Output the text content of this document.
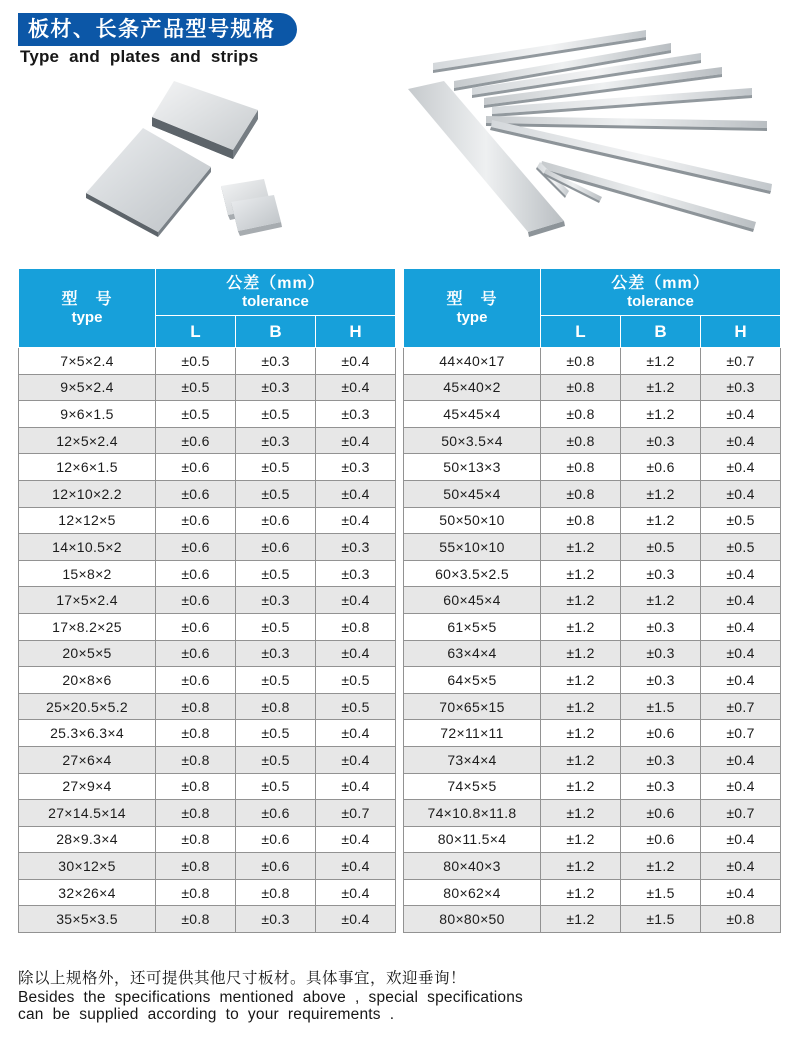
板材、长条产品型号规格
Type and plates and strips
型　号
type	公差（mm）
tolerance		

	L	B	H
7×5×2.4	±0.5	±0.3	±0.4
9×5×2.4	±0.5	±0.3	±0.4
9×6×1.5	±0.5	±0.5	±0.3
12×5×2.4	±0.6	±0.3	±0.4
12×6×1.5	±0.6	±0.5	±0.3
12×10×2.2	±0.6	±0.5	±0.4
12×12×5	±0.6	±0.6	±0.4
14×10.5×2	±0.6	±0.6	±0.3
15×8×2	±0.6	±0.5	±0.3
17×5×2.4	±0.6	±0.3	±0.4
17×8.2×25	±0.6	±0.5	±0.8
20×5×5	±0.6	±0.3	±0.4
20×8×6	±0.6	±0.5	±0.5
25×20.5×5.2	±0.8	±0.8	±0.5
25.3×6.3×4	±0.8	±0.5	±0.4
27×6×4	±0.8	±0.5	±0.4
27×9×4	±0.8	±0.5	±0.4
27×14.5×14	±0.8	±0.6	±0.7
28×9.3×4	±0.8	±0.6	±0.4
30×12×5	±0.8	±0.6	±0.4
32×26×4	±0.8	±0.8	±0.4
35×5×3.5	±0.8	±0.3	±0.4
型　号
type	公差（mm）
tolerance		

	L	B	H
44×40×17	±0.8	±1.2	±0.7
45×40×2	±0.8	±1.2	±0.3
45×45×4	±0.8	±1.2	±0.4
50×3.5×4	±0.8	±0.3	±0.4
50×13×3	±0.8	±0.6	±0.4
50×45×4	±0.8	±1.2	±0.4
50×50×10	±0.8	±1.2	±0.5
55×10×10	±1.2	±0.5	±0.5
60×3.5×2.5	±1.2	±0.3	±0.4
60×45×4	±1.2	±1.2	±0.4
61×5×5	±1.2	±0.3	±0.4
63×4×4	±1.2	±0.3	±0.4
64×5×5	±1.2	±0.3	±0.4
70×65×15	±1.2	±1.5	±0.7
72×11×11	±1.2	±0.6	±0.7
73×4×4	±1.2	±0.3	±0.4
74×5×5	±1.2	±0.3	±0.4
74×10.8×11.8	±1.2	±0.6	±0.7
80×11.5×4	±1.2	±0.6	±0.4
80×40×3	±1.2	±1.2	±0.4
80×62×4	±1.2	±1.5	±0.4
80×80×50	±1.2	±1.5	±0.8
除以上规格外，还可提供其他尺寸板材。具体事宜，欢迎垂询！
Besides the specifications mentioned above , special specifications
can be supplied according to your requirements .
